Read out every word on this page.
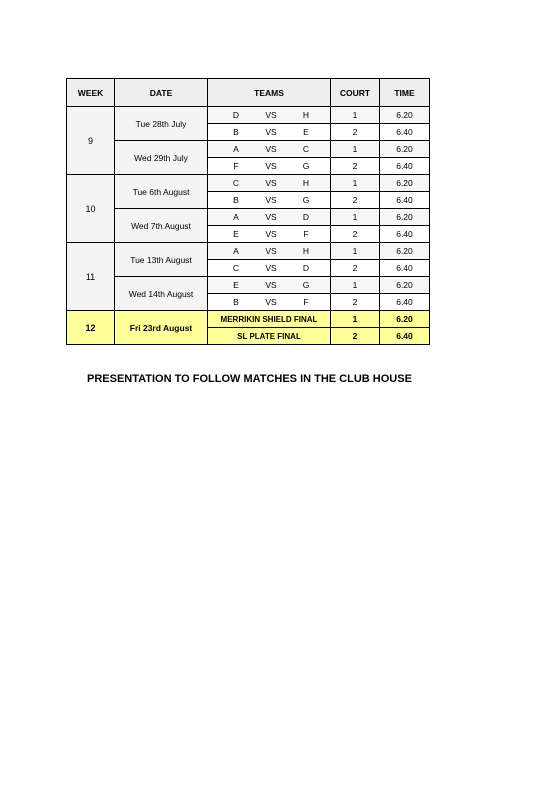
WEEK	DATE	TEAMS	COURT	TIME
9	Tue 28th July	D VS H	1	6.20

		B VS E	2	6.40
	Wed 29th July	A VS C	1	6.20

		F VS G	2	6.40
10	Tue 6th August	C VS H	1	6.20

		B VS G	2	6.40
	Wed 7th August	A VS D	1	6.20

		E VS F	2	6.40
11	Tue 13th August	A VS H	1	6.20

		C VS D	2	6.40
	Wed 14th August	E VS G	1	6.20

		B VS F	2	6.40
12	Fri 23rd August	MERRIKIN SHIELD FINAL	1	6.20
		SL PLATE FINAL	2	6.40
PRESENTATION TO FOLLOW MATCHES IN THE CLUB HOUSE
